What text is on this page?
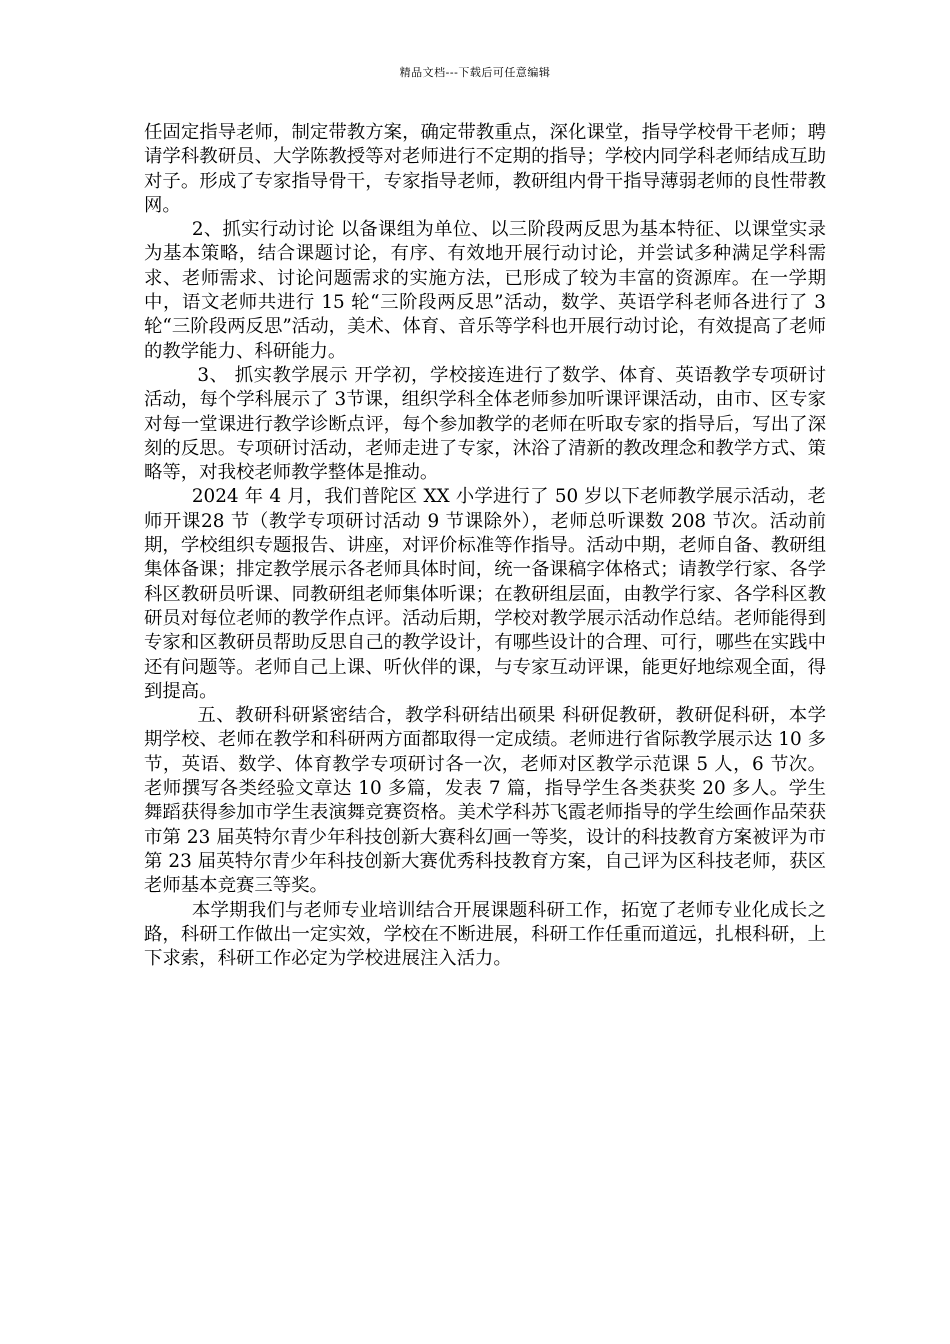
精品文档---下载后可任意编辑

任固定指导老师，制定带教方案，确定带教重点，深化课堂，指导学校骨干老师；聘请学科教研员、大学陈教授等对老师进行不定期的指导；学校内同学科老师结成互助对子。形成了专家指导骨干，专家指导老师，教研组内骨干指导薄弱老师的良性带教网。

2、抓实行动讨论 以备课组为单位、以三阶段两反思为基本特征、以课堂实录为基本策略，结合课题讨论，有序、有效地开展行动讨论，并尝试多种满足学科需求、老师需求、讨论问题需求的实施方法，已形成了较为丰富的资源库。在一学期中，语文老师共进行 15 轮“三阶段两反思”活动，数学、英语学科老师各进行了 3 轮“三阶段两反思”活动，美术、体育、音乐等学科也开展行动讨论，有效提高了老师的教学能力、科研能力。

3、 抓实教学展示 开学初，学校接连进行了数学、体育、英语教学专项研讨活动，每个学科展示了 3节课，组织学科全体老师参加听课评课活动，由市、区专家对每一堂课进行教学诊断点评，每个参加教学的老师在听取专家的指导后，写出了深刻的反思。专项研讨活动，老师走进了专家，沐浴了清新的教改理念和教学方式、策略等，对我校老师教学整体是推动。

2024 年 4 月，我们普陀区 XX 小学进行了 50 岁以下老师教学展示活动，老师开课28 节（教学专项研讨活动 9 节课除外），老师总听课数 208 节次。活动前期，学校组织专题报告、讲座，对评价标准等作指导。活动中期，老师自备、教研组集体备课；排定教学展示各老师具体时间，统一备课稿字体格式；请教学行家、各学科区教研员听课、同教研组老师集体听课；在教研组层面，由教学行家、各学科区教研员对每位老师的教学作点评。活动后期，学校对教学展示活动作总结。老师能得到专家和区教研员帮助反思自己的教学设计，有哪些设计的合理、可行，哪些在实践中还有问题等。老师自己上课、听伙伴的课，与专家互动评课，能更好地综观全面，得到提高。

五、教研科研紧密结合，教学科研结出硕果 科研促教研，教研促科研，本学期学校、老师在教学和科研两方面都取得一定成绩。老师进行省际教学展示达 10 多节，英语、数学、体育教学专项研讨各一次，老师对区教学示范课 5 人，6 节次。老师撰写各类经验文章达 10 多篇，发表 7 篇，指导学生各类获奖 20 多人。学生舞蹈获得参加市学生表演舞竞赛资格。美术学科苏飞霞老师指导的学生绘画作品荣获市第 23 届英特尔青少年科技创新大赛科幻画一等奖，设计的科技教育方案被评为市第 23 届英特尔青少年科技创新大赛优秀科技教育方案，自己评为区科技老师，获区老师基本竞赛三等奖。

本学期我们与老师专业培训结合开展课题科研工作，拓宽了老师专业化成长之路，科研工作做出一定实效，学校在不断进展，科研工作任重而道远，扎根科研，上下求索，科研工作必定为学校进展注入活力。
